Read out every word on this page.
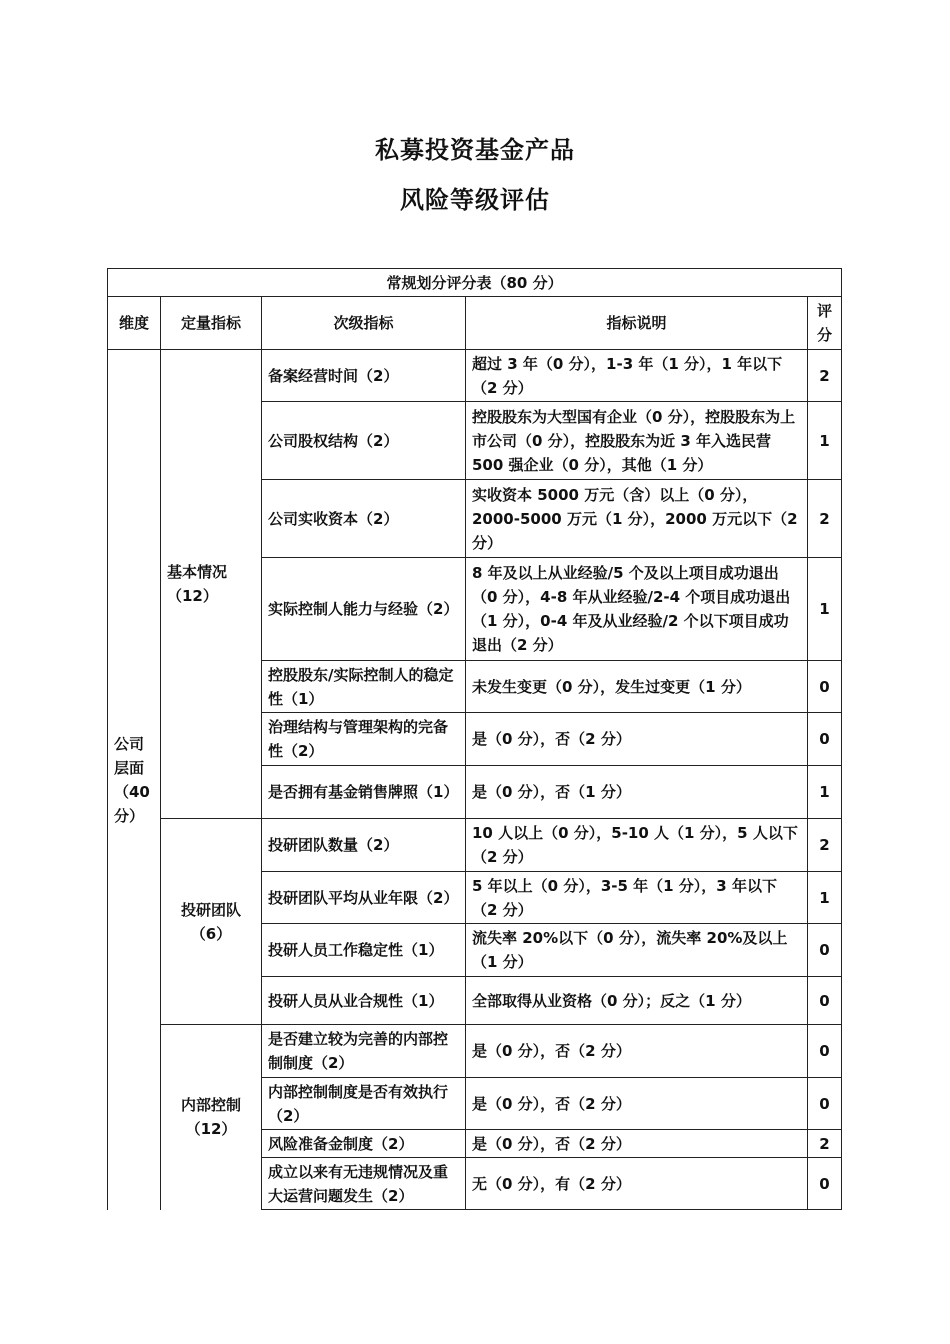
私募投资基金产品
风险等级评估
常规划分评分表（80 分）				
维度	定量指标	次级指标	指标说明	评分
公司层面（40分）	基本情况（12）	备案经营时间（2）	超过 3 年（0 分），1-3 年（1 分），1 年以下（2 分）	2
		公司股权结构（2）	控股股东为大型国有企业（0 分），控股股东为上市公司（0 分），控股股东为近 3 年入选民营 500 强企业（0 分），其他（1 分）	1
		公司实收资本（2）	实收资本 5000 万元（含）以上（0 分），2000-5000 万元（1 分），2000 万元以下（2 分）	2
		实际控制人能力与经验（2）	8 年及以上从业经验/5 个及以上项目成功退出（0 分），4-8 年从业经验/2-4 个项目成功退出（1 分），0-4 年及从业经验/2 个以下项目成功退出（2 分）	1
		控股股东/实际控制人的稳定性（1）	未发生变更（0 分），发生过变更（1 分）	0
		治理结构与管理架构的完备性（2）	是（0 分），否（2 分）	0
		是否拥有基金销售牌照（1）	是（0 分），否（1 分）	1
	投研团队（6）	投研团队数量（2）	10 人以上（0 分），5-10 人（1 分），5 人以下（2 分）	2
		投研团队平均从业年限（2）	5 年以上（0 分），3-5 年（1 分），3 年以下（2 分）	1
		投研人员工作稳定性（1）	流失率 20%以下（0 分），流失率 20%及以上（1 分）	0
		投研人员从业合规性（1）	全部取得从业资格（0 分）；反之（1 分）	0
	内部控制（12）	是否建立较为完善的内部控制制度（2）	是（0 分），否（2 分）	0
		内部控制制度是否有效执行（2）	是（0 分），否（2 分）	0
		风险准备金制度（2）	是（0 分），否（2 分）	2
		成立以来有无违规情况及重大运营问题发生（2）	无（0 分），有（2 分）	0
